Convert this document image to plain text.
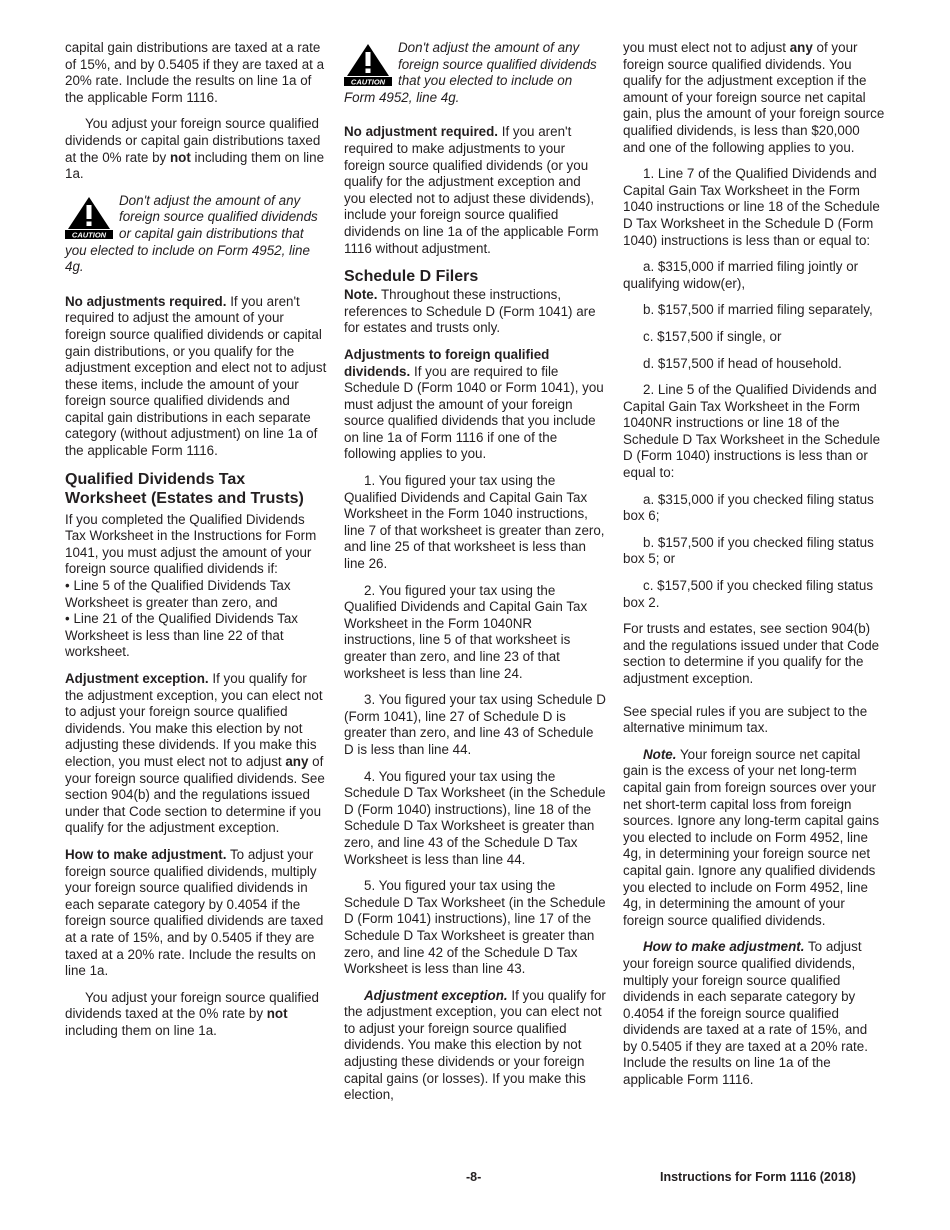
capital gain distributions are taxed at a rate of 15%, and by 0.5405 if they are taxed at a 20% rate. Include the results on line 1a of the applicable Form 1116.

You adjust your foreign source qualified dividends or capital gain distributions taxed at the 0% rate by not including them on line 1a.

CAUTION
Don't adjust the amount of any foreign source qualified dividends or capital gain distributions that you elected to include on Form 4952, line 4g.

No adjustments required. If you aren't required to adjust the amount of your foreign source qualified dividends or capital gain distributions, or you qualify for the adjustment exception and elect not to adjust these items, include the amount of your foreign source qualified dividends and capital gain distributions in each separate category (without adjustment) on line 1a of the applicable Form 1116.

Qualified Dividends Tax Worksheet (Estates and Trusts)

If you completed the Qualified Dividends Tax Worksheet in the Instructions for Form 1041, you must adjust the amount of your foreign source qualified dividends if:

• Line 5 of the Qualified Dividends Tax Worksheet is greater than zero, and

• Line 21 of the Qualified Dividends Tax Worksheet is less than line 22 of that worksheet.

Adjustment exception. If you qualify for the adjustment exception, you can elect not to adjust your foreign source qualified dividends. You make this election by not adjusting these dividends. If you make this election, you must elect not to adjust any of your foreign source qualified dividends. See section 904(b) and the regulations issued under that Code section to determine if you qualify for the adjustment exception.

How to make adjustment. To adjust your foreign source qualified dividends, multiply your foreign source qualified dividends in each separate category by 0.4054 if the foreign source qualified dividends are taxed at a rate of 15%, and by 0.5405 if they are taxed at a 20% rate. Include the results on line 1a.

You adjust your foreign source qualified dividends taxed at the 0% rate by not including them on line 1a.

CAUTION
Don't adjust the amount of any foreign source qualified dividends that you elected to include on Form 4952, line 4g.

No adjustment required. If you aren't required to make adjustments to your foreign source qualified dividends (or you qualify for the adjustment exception and you elected not to adjust these dividends), include your foreign source qualified dividends on line 1a of the applicable Form 1116 without adjustment.

Schedule D Filers

Note. Throughout these instructions, references to Schedule D (Form 1041) are for estates and trusts only.

Adjustments to foreign qualified dividends. If you are required to file Schedule D (Form 1040 or Form 1041), you must adjust the amount of your foreign source qualified dividends that you include on line 1a of Form 1116 if one of the following applies to you.

1. You figured your tax using the Qualified Dividends and Capital Gain Tax Worksheet in the Form 1040 instructions, line 7 of that worksheet is greater than zero, and line 25 of that worksheet is less than line 26.

2. You figured your tax using the Qualified Dividends and Capital Gain Tax Worksheet in the Form 1040NR instructions, line 5 of that worksheet is greater than zero, and line 23 of that worksheet is less than line 24.

3. You figured your tax using Schedule D (Form 1041), line 27 of Schedule D is greater than zero, and line 43 of Schedule D is less than line 44.

4. You figured your tax using the Schedule D Tax Worksheet (in the Schedule D (Form 1040) instructions), line 18 of the Schedule D Tax Worksheet is greater than zero, and line 43 of the Schedule D Tax Worksheet is less than line 44.

5. You figured your tax using the Schedule D Tax Worksheet (in the Schedule D (Form 1041) instructions), line 17 of the Schedule D Tax Worksheet is greater than zero, and line 42 of the Schedule D Tax Worksheet is less than line 43.

Adjustment exception. If you qualify for the adjustment exception, you can elect not to adjust your foreign source qualified dividends. You make this election by not adjusting these dividends or your foreign capital gains (or losses). If you make this election,

you must elect not to adjust any of your foreign source qualified dividends. You qualify for the adjustment exception if the amount of your foreign source net capital gain, plus the amount of your foreign source qualified dividends, is less than $20,000 and one of the following applies to you.

1. Line 7 of the Qualified Dividends and Capital Gain Tax Worksheet in the Form 1040 instructions or line 18 of the Schedule D Tax Worksheet in the Schedule D (Form 1040) instructions is less than or equal to:

a. $315,000 if married filing jointly or qualifying widow(er),

b. $157,500 if married filing separately,

c. $157,500 if single, or

d. $157,500 if head of household.

2. Line 5 of the Qualified Dividends and Capital Gain Tax Worksheet in the Form 1040NR instructions or line 18 of the Schedule D Tax Worksheet in the Schedule D (Form 1040) instructions is less than or equal to:

a. $315,000 if you checked filing status box 6;

b. $157,500 if you checked filing status box 5; or

c. $157,500 if you checked filing status box 2.

For trusts and estates, see section 904(b) and the regulations issued under that Code section to determine if you qualify for the adjustment exception.

See special rules if you are subject to the alternative minimum tax.

Note. Your foreign source net capital gain is the excess of your net long-term capital gain from foreign sources over your net short-term capital loss from foreign sources. Ignore any long-term capital gains you elected to include on Form 4952, line 4g, in determining your foreign source net capital gain. Ignore any qualified dividends you elected to include on Form 4952, line 4g, in determining the amount of your foreign source qualified dividends.

How to make adjustment. To adjust your foreign source qualified dividends, multiply your foreign source qualified dividends in each separate category by 0.4054 if the foreign source qualified dividends are taxed at a rate of 15%, and by 0.5405 if they are taxed at a 20% rate. Include the results on line 1a of the applicable Form 1116.

-8-	Instructions for Form 1116 (2018)
